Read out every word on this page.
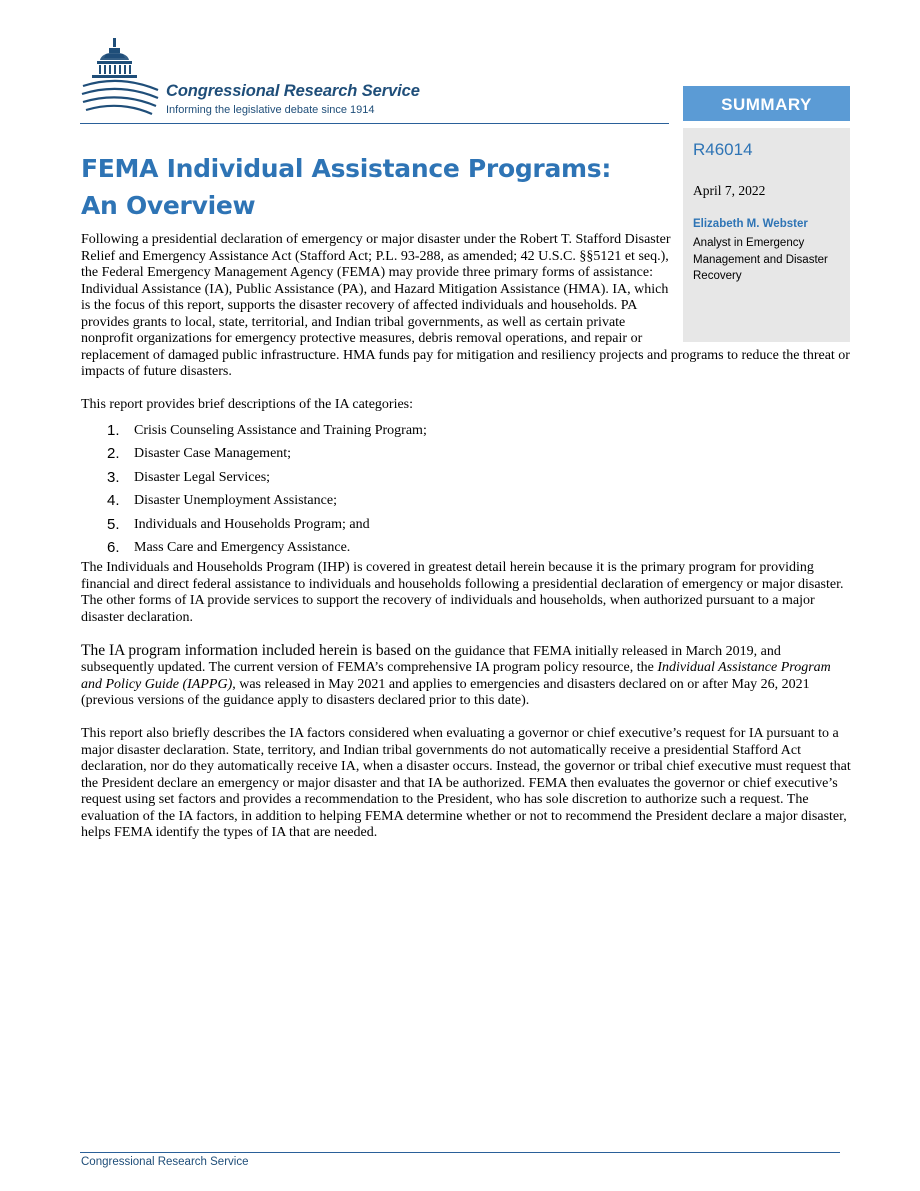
Congressional Research Service
Informing the legislative debate since 1914	SUMMARY
R46014
April 7, 2022
Elizabeth M. Webster
Analyst in Emergency Management and Disaster Recovery
FEMA Individual Assistance Programs:
An Overview

Following a presidential declaration of emergency or major disaster under the Robert T. Stafford Disaster Relief and Emergency Assistance Act (Stafford Act; P.L. 93-288, as amended; 42 U.S.C. §§5121 et seq.), the Federal Emergency Management Agency (FEMA) may provide three primary forms of assistance: Individual Assistance (IA), Public Assistance (PA), and Hazard Mitigation Assistance (HMA). IA, which is the focus of this report, supports the disaster recovery of affected individuals and households. PA provides grants to local, state, territorial, and Indian tribal governments, as well as certain private nonprofit organizations for emergency protective measures, debris removal operations, and repair or replacement of damaged public infrastructure. HMA funds pay for mitigation and resiliency projects and programs to reduce the threat or impacts of future disasters.

This report provides brief descriptions of the IA categories:

1. Crisis Counseling Assistance and Training Program;
2. Disaster Case Management;
3. Disaster Legal Services;
4. Disaster Unemployment Assistance;
5. Individuals and Households Program; and
6. Mass Care and Emergency Assistance.

The Individuals and Households Program (IHP) is covered in greatest detail herein because it is the primary program for providing financial and direct federal assistance to individuals and households following a presidential declaration of emergency or major disaster. The other forms of IA provide services to support the recovery of individuals and households, when authorized pursuant to a major disaster declaration.

The IA program information included herein is based on the guidance that FEMA initially released in March 2019, and subsequently updated. The current version of FEMA’s comprehensive IA program policy resource, the Individual Assistance Program and Policy Guide (IAPPG), was released in May 2021 and applies to emergencies and disasters declared on or after May 26, 2021 (previous versions of the guidance apply to disasters declared prior to this date).

This report also briefly describes the IA factors considered when evaluating a governor or chief executive’s request for IA pursuant to a major disaster declaration. State, territory, and Indian tribal governments do not automatically receive a presidential Stafford Act declaration, nor do they automatically receive IA, when a disaster occurs. Instead, the governor or tribal chief executive must request that the President declare an emergency or major disaster and that IA be authorized. FEMA then evaluates the governor or chief executive’s request using set factors and provides a recommendation to the President, who has sole discretion to authorize such a request. The evaluation of the IA factors, in addition to helping FEMA determine whether or not to recommend the President declare a major disaster, helps FEMA identify the types of IA that are needed.

Congressional Research Service
